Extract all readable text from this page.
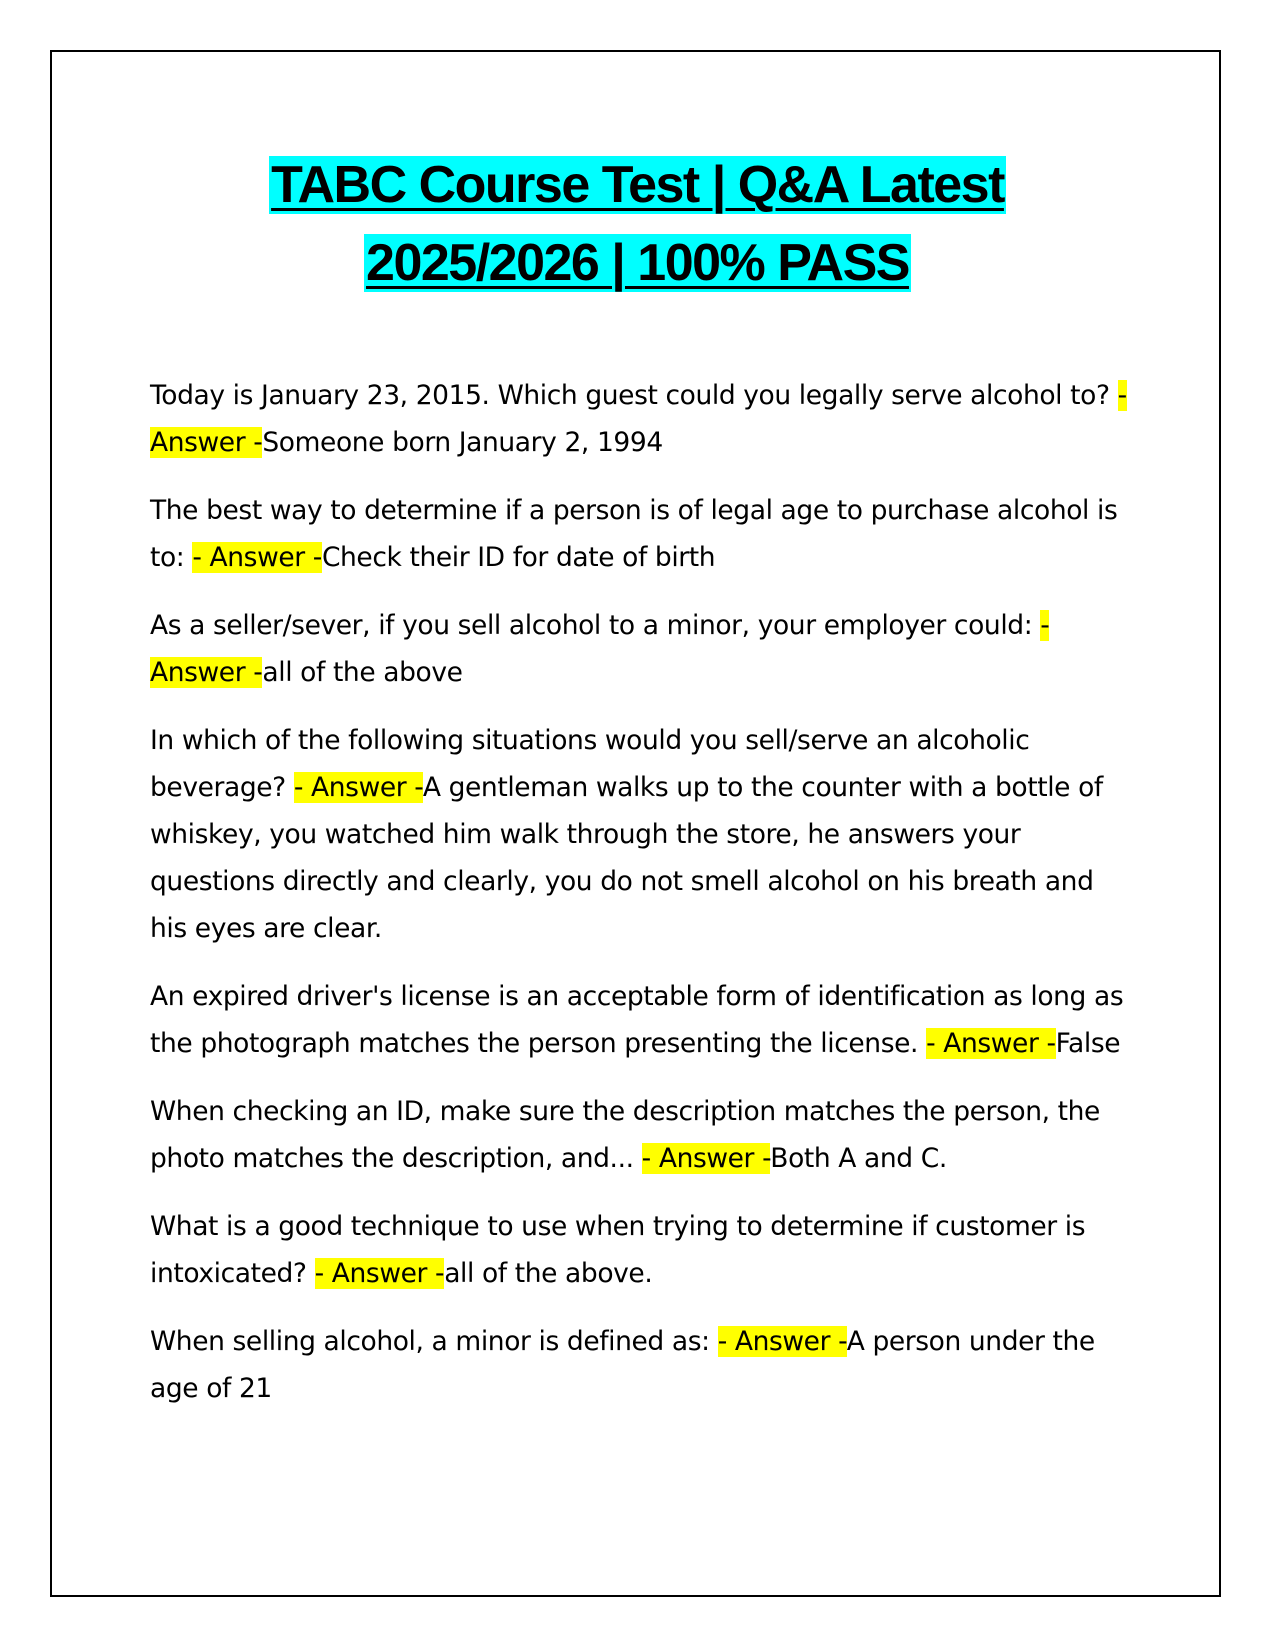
TABC Course Test | Q&A Latest
2025/2026 | 100% PASS

Today is January 23, 2015. Which guest could you legally serve alcohol to? - Answer -Someone born January 2, 1994

The best way to determine if a person is of legal age to purchase alcohol is to: - Answer -Check their ID for date of birth

As a seller/sever, if you sell alcohol to a minor, your employer could: - Answer -all of the above

In which of the following situations would you sell/serve an alcoholic beverage? - Answer -A gentleman walks up to the counter with a bottle of whiskey, you watched him walk through the store, he answers your questions directly and clearly, you do not smell alcohol on his breath and his eyes are clear.

An expired driver's license is an acceptable form of identification as long as the photograph matches the person presenting the license. - Answer -False

When checking an ID, make sure the description matches the person, the photo matches the description, and... - Answer -Both A and C.

What is a good technique to use when trying to determine if customer is intoxicated? - Answer -all of the above.

When selling alcohol, a minor is defined as: - Answer -A person under the age of 21
